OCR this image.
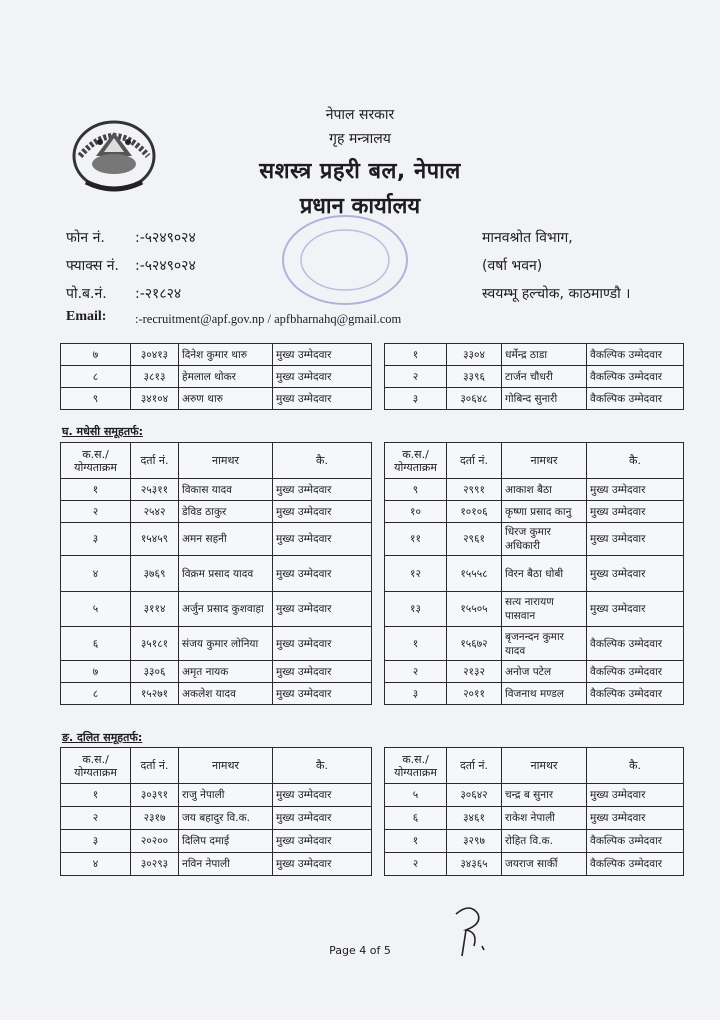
नेपाल सरकार
गृह मन्त्रालय
सशस्त्र प्रहरी बल, नेपाल
प्रधान कार्यालय
फोन नं.	:-५२४९०२४
फ्याक्स नं.	:-५२४९०२४
पो.ब.नं.	:-२१८२४
Email:	:-recruitment@apf.gov.np / apfbharnahq@gmail.com
मानवश्रोत विभाग,
(वर्षा भवन)
स्वयम्भू हल्चोक, काठमाण्डौ ।
७	३०४१३	दिनेश कुमार थारु	मुख्य उम्मेदवार
८	३८१३	हेमलाल थोकर	मुख्य उम्मेदवार
९	३४१०४	अरुण थारु	मुख्य उम्मेदवार
१	३३०४	धर्मेन्द्र ठाडा	वैकल्पिक उम्मेदवार
२	३३९६	टार्जन चौधरी	वैकल्पिक उम्मेदवार
३	३०६४८	गोबिन्द सुनारी	वैकल्पिक उम्मेदवार
घ. मधेसी समूहतर्फ:
क.स./ योग्यताक्रम	दर्ता नं.	नामथर	कै.
१	२५३११	विकास यादव	मुख्य उम्मेदवार
२	२५४२	डेविड ठाकुर	मुख्य उम्मेदवार
३	१५४५९	अमन सहनी	मुख्य उम्मेदवार
४	३७६९	विक्रम प्रसाद यादव	मुख्य उम्मेदवार
५	३११४	अर्जुन प्रसाद कुशवाहा	मुख्य उम्मेदवार
६	३५१८१	संजय कुमार लोनिया	मुख्य उम्मेदवार
७	३३०६	अमृत नायक	मुख्य उम्मेदवार
८	१५२७१	अकलेश यादव	मुख्य उम्मेदवार
क.स./ योग्यताक्रम	दर्ता नं.	नामथर	कै.
९	२९९१	आकाश बैठा	मुख्य उम्मेदवार
१०	१०१०६	कृष्णा प्रसाद कानु	मुख्य उम्मेदवार
११	२९६१	धिरज कुमार अधिकारी	मुख्य उम्मेदवार
१२	१५५५८	विरन बैठा धोबी	मुख्य उम्मेदवार
१३	१५५०५	सत्य नारायण पासवान	मुख्य उम्मेदवार
१	१५६७२	बृजनन्दन कुमार यादव	वैकल्पिक उम्मेदवार
२	२१३२	अनोज पटेल	वैकल्पिक उम्मेदवार
३	२०११	विजनाथ मण्डल	वैकल्पिक उम्मेदवार
ङ. दलित समूहतर्फ:
क.स./ योग्यताक्रम	दर्ता नं.	नामथर	कै.
१	३०३९१	राजु नेपाली	मुख्य उम्मेदवार
२	२३१७	जय बहादुर वि.क.	मुख्य उम्मेदवार
३	२०२००	दिलिप दमाई	मुख्य उम्मेदवार
४	३०२९३	नविन नेपाली	मुख्य उम्मेदवार
क.स./ योग्यताक्रम	दर्ता नं.	नामथर	कै.
५	३०६४२	चन्द्र ब सुनार	मुख्य उम्मेदवार
६	३४६१	राकेश नेपाली	मुख्य उम्मेदवार
१	३२९७	रोहित वि.क.	वैकल्पिक उम्मेदवार
२	३४३६५	जयराज सार्की	वैकल्पिक उम्मेदवार
Page 4 of 5
